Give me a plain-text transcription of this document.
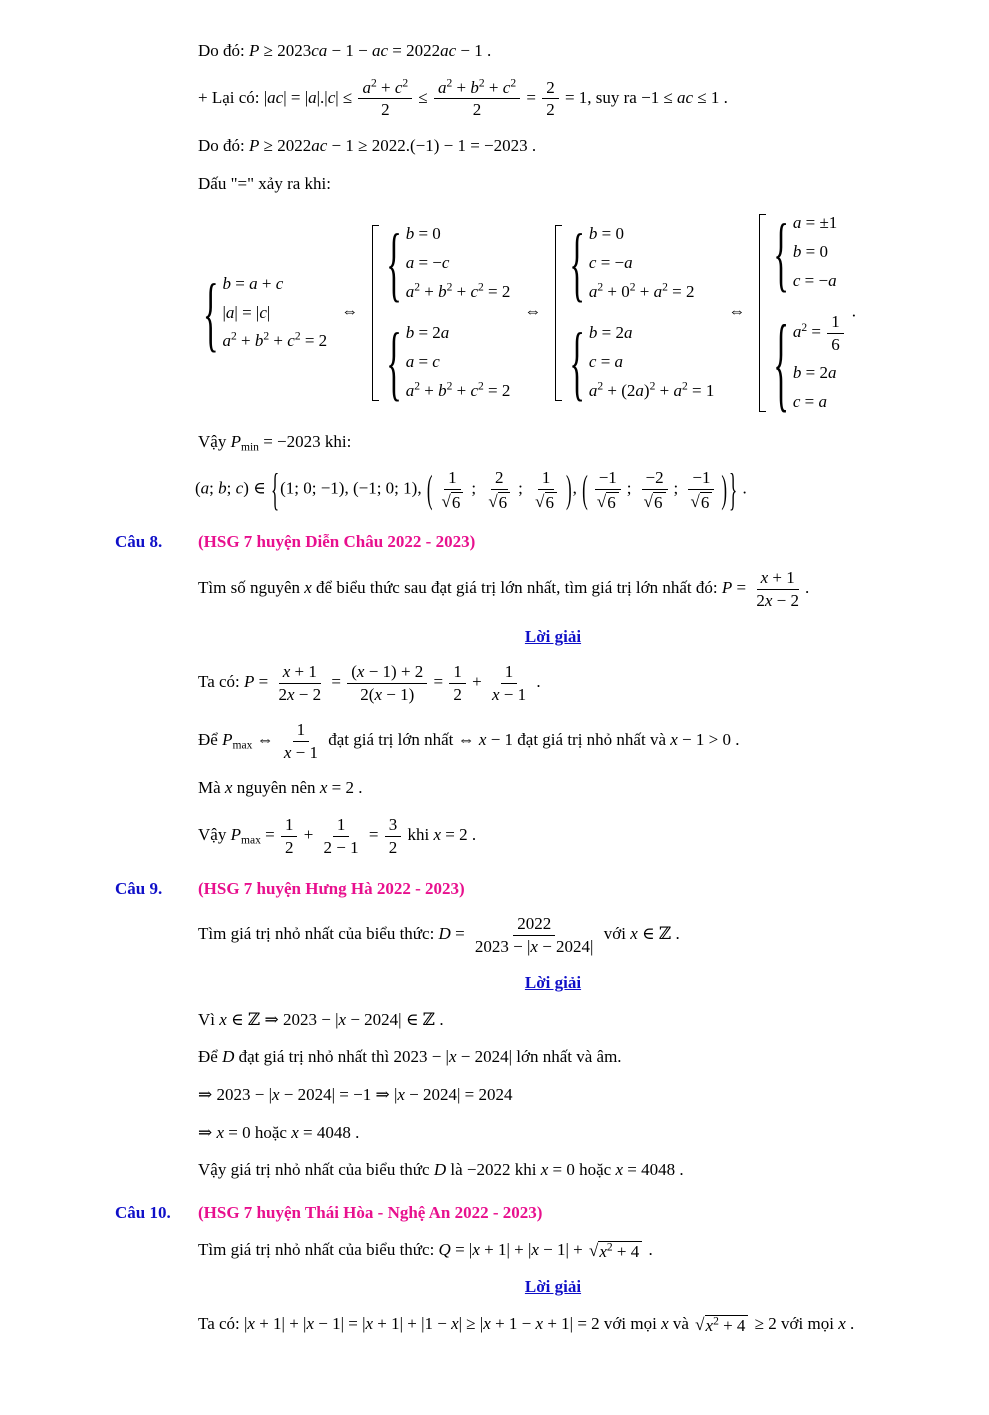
Do đó: P ≥ 2023ca − 1 − ac = 2022ac − 1 .
+ Lại có: $|ac| = |a|.|c| \le \frac{a^2 + c^2}{2} \le \frac{a^2 + b^2 + c^2}{2} = \frac{2}{2} = 1$, suy ra −1 ≤ ac ≤ 1 .
Do đó: P ≥ 2022ac − 1 ≥ 2022.(−1) − 1 = −2023 .
Dấu "=" xảy ra khi:
{ b = a + c
|a| = |c|
$a^2 + b^2 + c^2 = 2$
⇔
{ b = 0
a = −c
$a^2 + b^2 + c^2 = 2$
{ b = 2a
a = c
$a^2 + b^2 + c^2 = 2$
⇔
{ b = 0
c = −a
$a^2 + 0^2 + a^2 = 2$
{ b = 2a
c = a
$a^2 + (2a)^2 + a^2 = 1$
⇔
{ a = ±1
b = 0
c = −a
{ $a^2 = \frac{1}{6}$
b = 2a
c = a
.
Vậy $P_{min} = -2023$ khi:
(a; b; c) ∈ {(1; 0; −1), (−1; 0; 1), ( $\frac{1}{√ 6}$ ; $\frac{2}{√ 6}$ ; $\frac{1}{√ 6}$ ), ( $\frac{-1}{√ 6}$ ; $\frac{-2}{√ 6}$ ; $\frac{-1}{√ 6}$ ) } .
Câu 8. (HSG 7 huyện Diễn Châu 2022 - 2023)
Tìm số nguyên x để biểu thức sau đạt giá trị lớn nhất, tìm giá trị lớn nhất đó: $P = \frac{x + 1}{2x - 2}$ .
Lời giải
Ta có: $P = \frac{x + 1}{2x - 2} = \frac{(x - 1) + 2}{2(x - 1)} = \frac{1}{2} + \frac{1}{x - 1}$ .
Để $P_{max}$ ⇔ $\frac{1}{x - 1}$ đạt giá trị lớn nhất ⇔ x − 1 đạt giá trị nhỏ nhất và x − 1 > 0 .
Mà x nguyên nên x = 2 .
Vậy $P_{max} = \frac{1}{2} + \frac{1}{2 - 1} = \frac{3}{2}$ khi x = 2 .
Câu 9. (HSG 7 huyện Hưng Hà 2022 - 2023)
Tìm giá trị nhỏ nhất của biểu thức: $D = \frac{2022}{2023 - |x - 2024|}$ với x ∈ ℤ .
Lời giải
Vì x ∈ ℤ ⇒ 2023 − |x − 2024| ∈ ℤ .
Để D đạt giá trị nhỏ nhất thì 2023 − |x − 2024| lớn nhất và âm.
⇒ 2023 − |x − 2024| = −1 ⇒ |x − 2024| = 2024
⇒ x = 0 hoặc x = 4048 .
Vậy giá trị nhỏ nhất của biểu thức D là −2022 khi x = 0 hoặc x = 4048 .
Câu 10. (HSG 7 huyện Thái Hòa - Nghệ An 2022 - 2023)
Tìm giá trị nhỏ nhất của biểu thức: Q = |x + 1| + |x − 1| + √ $x^2 + 4$ .
Lời giải
Ta có: |x + 1| + |x − 1| = |x + 1| + |1 − x| ≥ |x + 1 − x + 1| = 2 với mọi x và √ $x^2 + 4 \ge 2$ với mọi x .
